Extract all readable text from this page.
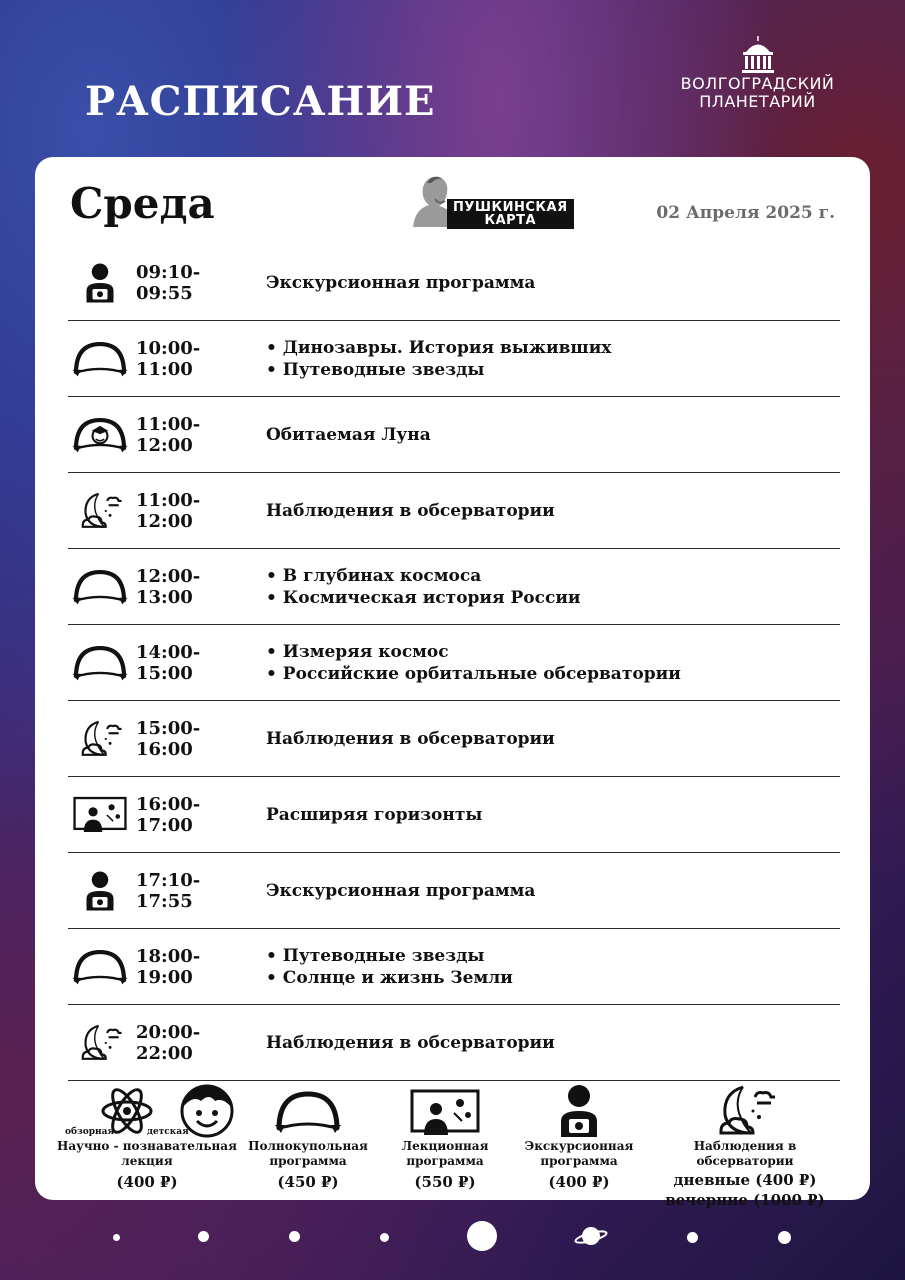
РАСПИСАНИЕ	ВОЛГОГРАДСКИЙ
ПЛАНЕТАРИЙ
Среда	ПУШКИНСКАЯ
КАРТА	02 Апреля 2025 г.
09:10-09:55	Экскурсионная программа
10:00-11:00
• Динозавры. История выживших
• Путеводные звезды
11:00-12:00	Обитаемая Луна
11:00-12:00	Наблюдения в обсерватории
12:00-13:00
• В глубинах космоса
• Космическая история России
14:00-15:00
• Измеряя космос
• Российские орбитальные обсерватории
15:00-16:00	Наблюдения в обсерватории
16:00-17:00	Расширяя горизонты
17:10-17:55	Экскурсионная программа
18:00-19:00
• Путеводные звезды
• Солнце и жизнь Земли
20:00-22:00	Наблюдения в обсерватории
обзорная	детская
Научно - познавательная
лекция
(400 ₽)
Полнокупольная
программа
(450 ₽)
Лекционная
программа
(550 ₽)
Экскурсионная
программа
(400 ₽)
Наблюдения в обсерватории
дневные (400 ₽)
вечерние (1000 ₽)
